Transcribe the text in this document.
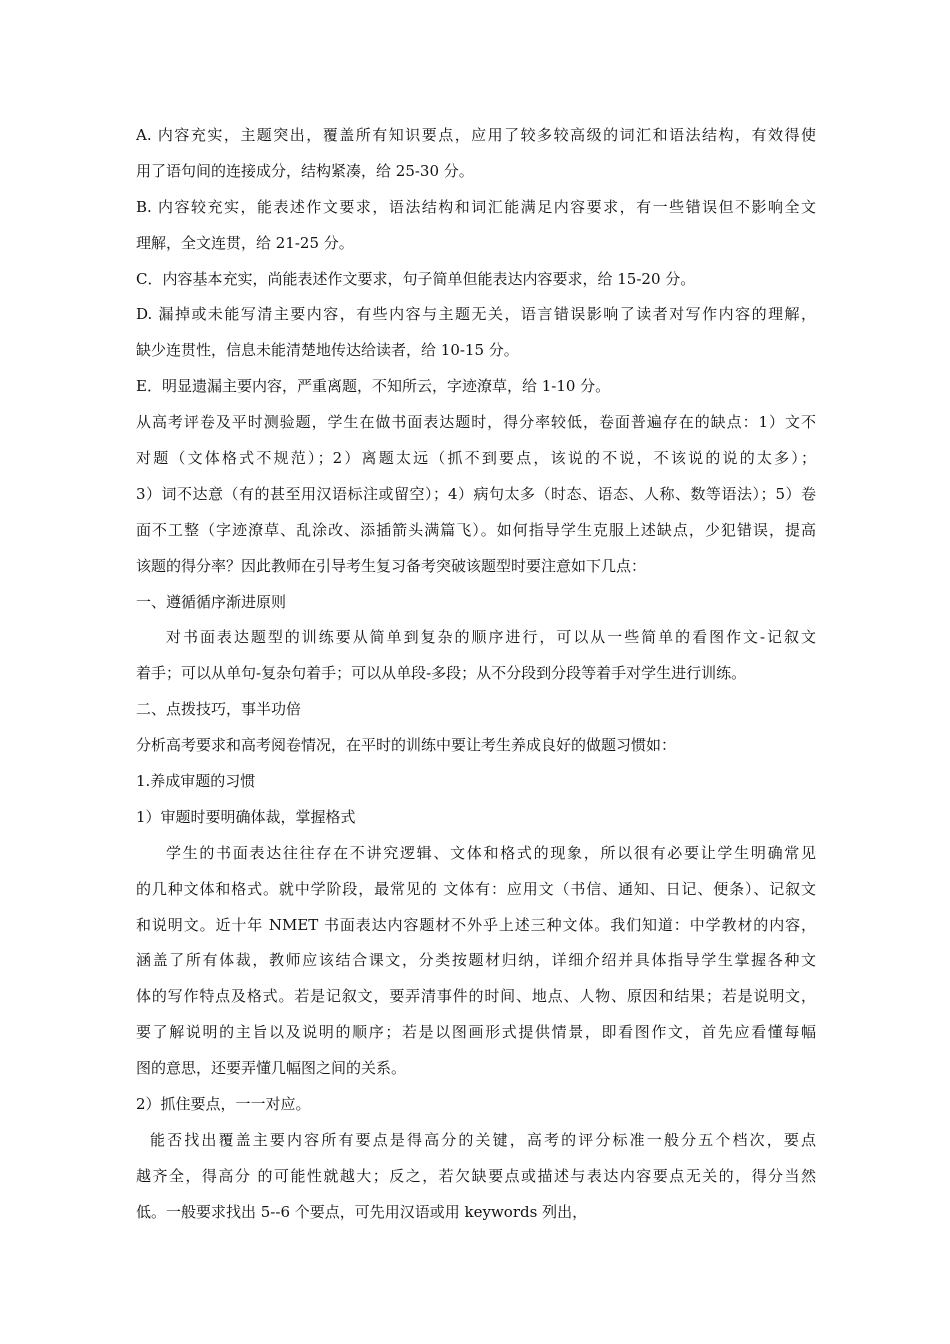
A. 内容充实，主题突出，覆盖所有知识要点，应用了较多较高级的词汇和语法结构，有效得使
用了语句间的连接成分，结构紧凑，给 25-30 分。
B. 内容较充实，能表述作文要求，语法结构和词汇能满足内容要求，有一些错误但不影响全文
理解，全文连贯，给 21-25 分。
C．内容基本充实，尚能表述作文要求，句子简单但能表达内容要求，给 15-20 分。
D. 漏掉或未能写清主要内容，有些内容与主题无关，语言错误影响了读者对写作内容的理解，
缺少连贯性，信息未能清楚地传达给读者，给 10-15 分。
E．明显遗漏主要内容，严重离题，不知所云，字迹潦草，给 1-10 分。
从高考评卷及平时测验题，学生在做书面表达题时，得分率较低，卷面普遍存在的缺点：1）文不
对题（文体格式不规范）；2）离题太远（抓不到要点，该说的不说，不该说的说的太多）；
3）词不达意（有的甚至用汉语标注或留空）；4）病句太多（时态、语态、人称、数等语法）；5）卷
面不工整（字迹潦草、乱涂改、添插箭头满篇飞）。如何指导学生克服上述缺点，少犯错误，提高
该题的得分率？因此教师在引导考生复习备考突破该题型时要注意如下几点：
一、遵循循序渐进原则
对书面表达题型的训练要从简单到复杂的顺序进行，可以从一些简单的看图作文-记叙文
着手；可以从单句-复杂句着手；可以从单段-多段；从不分段到分段等着手对学生进行训练。
二、点拨技巧，事半功倍
分析高考要求和高考阅卷情况，在平时的训练中要让考生养成良好的做题习惯如：
1.养成审题的习惯
1）审题时要明确体裁，掌握格式
学生的书面表达往往存在不讲究逻辑、文体和格式的现象，所以很有必要让学生明确常见
的几种文体和格式。就中学阶段，最常见的 文体有：应用文（书信、通知、日记、便条）、记叙文
和说明文。近十年 NMET 书面表达内容题材不外乎上述三种文体。我们知道：中学教材的内容，
涵盖了所有体裁，教师应该结合课文，分类按题材归纳，详细介绍并具体指导学生掌握各种文
体的写作特点及格式。若是记叙文，要弄清事件的时间、地点、人物、原因和结果；若是说明文，
要了解说明的主旨以及说明的顺序；若是以图画形式提供情景，即看图作文，首先应看懂每幅
图的意思，还要弄懂几幅图之间的关系。
2）抓住要点，一一对应。
能否找出覆盖主要内容所有要点是得高分的关键，高考的评分标准一般分五个档次，要点
越齐全，得高分 的可能性就越大；反之，若欠缺要点或描述与表达内容要点无关的，得分当然
低。一般要求找出 5--6 个要点，可先用汉语或用 keywords 列出，
